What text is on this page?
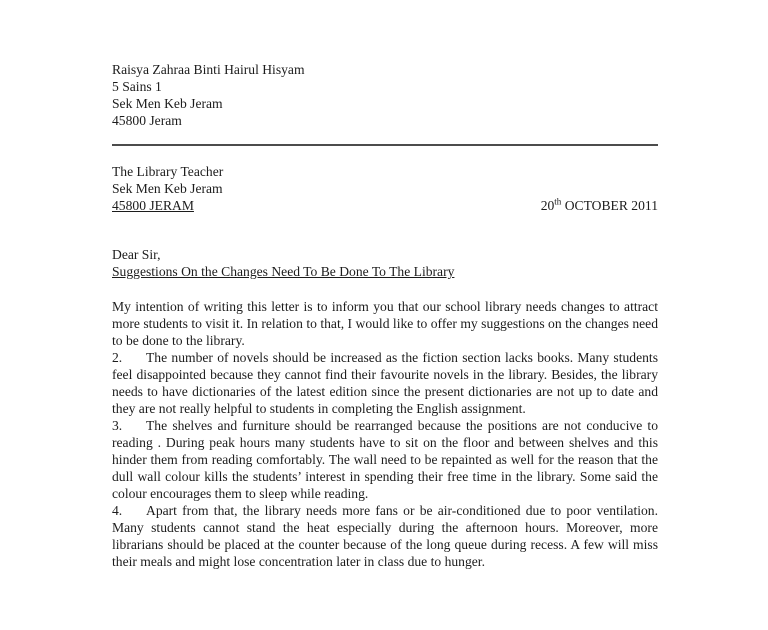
Raisya Zahraa Binti Hairul Hisyam
5 Sains 1
Sek Men Keb Jeram
45800 Jeram
The Library Teacher
Sek Men Keb Jeram
45800 JERAM	20th OCTOBER 2011
Dear Sir,
Suggestions On the Changes Need To Be Done To The Library

My intention of writing this letter is to inform you that our school library needs changes to attract more students to visit it. In relation to that, I would like to offer my suggestions on the changes need to be done to the library.

2. The number of novels should be increased as the fiction section lacks books. Many students feel disappointed because they cannot find their favourite novels in the library. Besides, the library needs to have dictionaries of the latest edition since the present dictionaries are not up to date and they are not really helpful to students in completing the English assignment.

3. The shelves and furniture should be rearranged because the positions are not conducive to reading . During peak hours many students have to sit on the floor and between shelves and this hinder them from reading comfortably. The wall need to be repainted as well for the reason that the dull wall colour kills the students’ interest in spending their free time in the library. Some said the colour encourages them to sleep while reading.

4. Apart from that, the library needs more fans or be air-conditioned due to poor ventilation. Many students cannot stand the heat especially during the afternoon hours. Moreover, more librarians should be placed at the counter because of the long queue during recess. A few will miss their meals and might lose concentration later in class due to hunger.
